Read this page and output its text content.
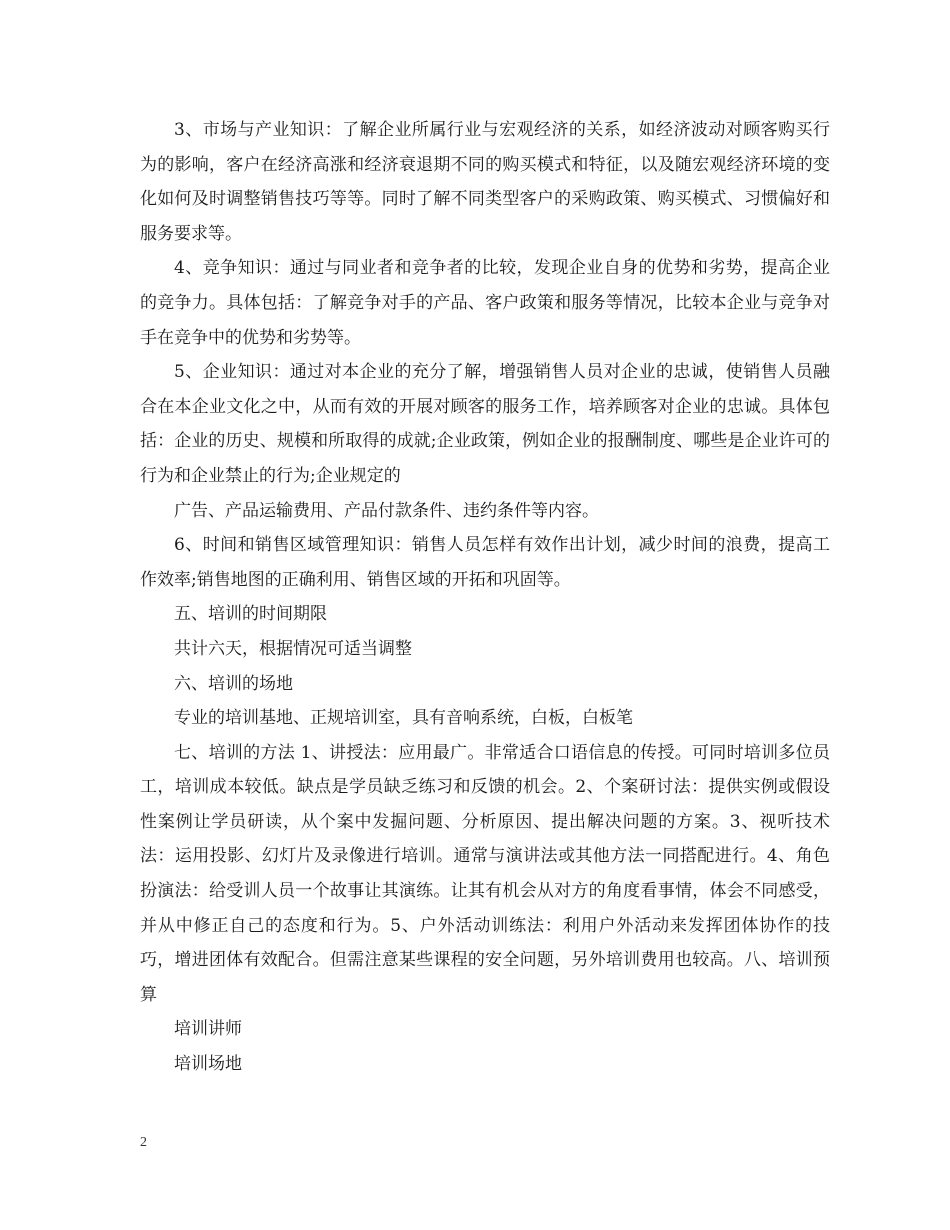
3、市场与产业知识：了解企业所属行业与宏观经济的关系，如经济波动对顾客购买行为的影响，客户在经济高涨和经济衰退期不同的购买模式和特征，以及随宏观经济环境的变化如何及时调整销售技巧等等。同时了解不同类型客户的采购政策、购买模式、习惯偏好和服务要求等。

4、竞争知识：通过与同业者和竞争者的比较，发现企业自身的优势和劣势，提高企业的竞争力。具体包括：了解竞争对手的产品、客户政策和服务等情况，比较本企业与竞争对手在竞争中的优势和劣势等。

5、企业知识：通过对本企业的充分了解，增强销售人员对企业的忠诚，使销售人员融合在本企业文化之中，从而有效的开展对顾客的服务工作，培养顾客对企业的忠诚。具体包括：企业的历史、规模和所取得的成就;企业政策，例如企业的报酬制度、哪些是企业许可的行为和企业禁止的行为;企业规定的

广告、产品运输费用、产品付款条件、违约条件等内容。

6、时间和销售区域管理知识：销售人员怎样有效作出计划，减少时间的浪费，提高工作效率;销售地图的正确利用、销售区域的开拓和巩固等。

五、培训的时间期限

共计六天，根据情况可适当调整

六、培训的场地

专业的培训基地、正规培训室，具有音响系统，白板，白板笔

七、培训的方法 1、讲授法：应用最广。非常适合口语信息的传授。可同时培训多位员工，培训成本较低。缺点是学员缺乏练习和反馈的机会。2、个案研讨法：提供实例或假设性案例让学员研读，从个案中发掘问题、分析原因、提出解决问题的方案。3、视听技术法：运用投影、幻灯片及录像进行培训。通常与演讲法或其他方法一同搭配进行。4、角色扮演法：给受训人员一个故事让其演练。让其有机会从对方的角度看事情，体会不同感受，并从中修正自己的态度和行为。5、户外活动训练法：利用户外活动来发挥团体协作的技巧，增进团体有效配合。但需注意某些课程的安全问题，另外培训费用也较高。八、培训预算

培训讲师

培训场地

2
